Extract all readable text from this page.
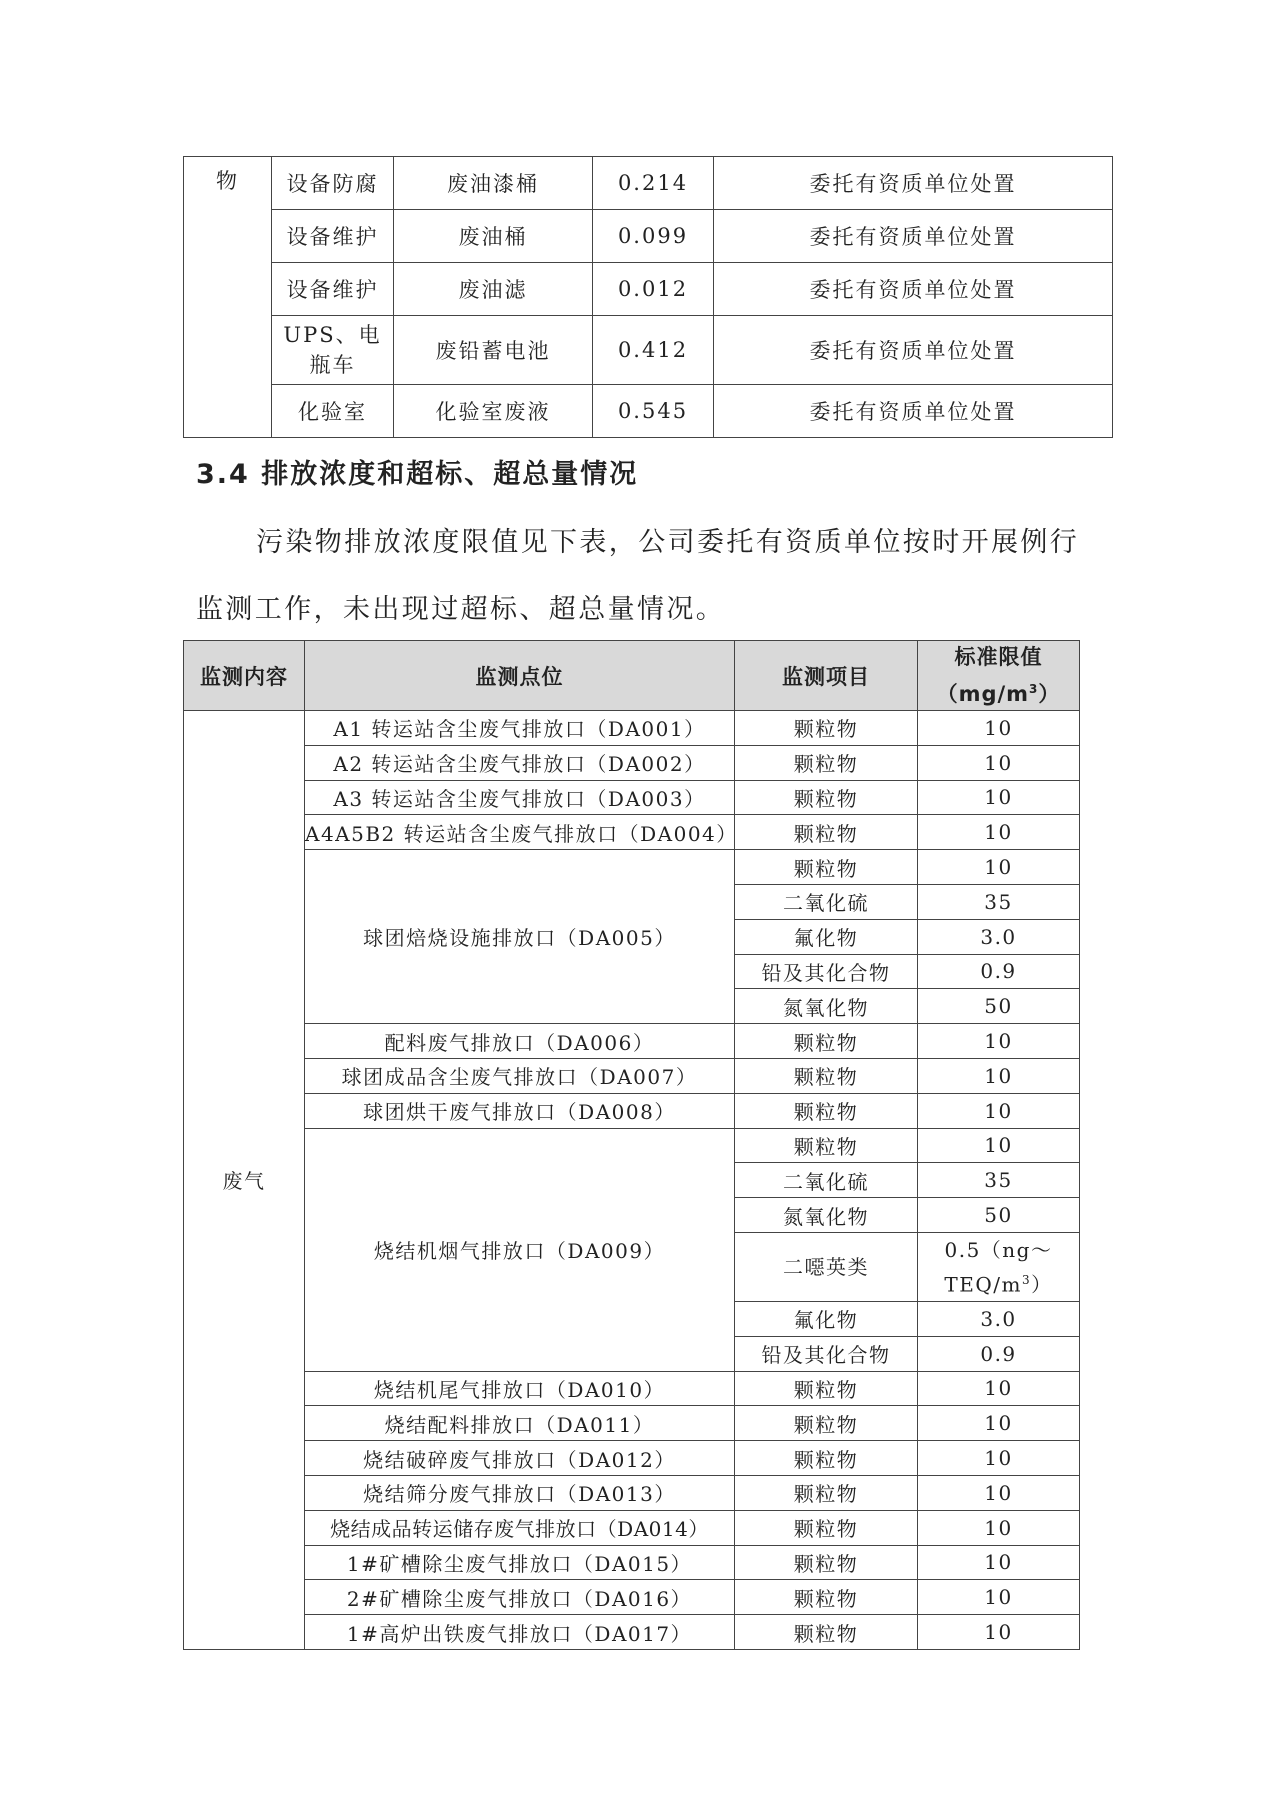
物	设备防腐	废油漆桶	0.214	委托有资质单位处置
	设备维护	废油桶	0.099	委托有资质单位处置
	设备维护	废油滤	0.012	委托有资质单位处置
	UPS、电瓶车	废铅蓄电池	0.412	委托有资质单位处置
	化验室	化验室废液	0.545	委托有资质单位处置
3.4 排放浓度和超标、超总量情况
污染物排放浓度限值见下表，公司委托有资质单位按时开展例行
监测工作，未出现过超标、超总量情况。
监测内容	监测点位	监测项目	标准限值
$(mg/m^3)$
废气	A1 转运站含尘废气排放口（DA001）	颗粒物	10
	A2 转运站含尘废气排放口（DA002）	颗粒物	10
	A3 转运站含尘废气排放口（DA003）	颗粒物	10
	A4A5B2 转运站含尘废气排放口（DA004）	颗粒物	10
	球团焙烧设施排放口（DA005）	颗粒物	10
		二氧化硫	35
		氟化物	3.0
		铅及其化合物	0.9
		氮氧化物	50
	配料废气排放口（DA006）	颗粒物	10
	球团成品含尘废气排放口（DA007）	颗粒物	10
	球团烘干废气排放口（DA008）	颗粒物	10
	烧结机烟气排放口（DA009）	颗粒物	10
		二氧化硫	35
		氮氧化物	50
		二噁英类	0.5（ng～
TEQ/$m^3$）
		氟化物	3.0
		铅及其化合物	0.9
	烧结机尾气排放口（DA010）	颗粒物	10
	烧结配料排放口（DA011）	颗粒物	10
	烧结破碎废气排放口（DA012）	颗粒物	10
	烧结筛分废气排放口（DA013）	颗粒物	10
	烧结成品转运储存废气排放口（DA014）	颗粒物	10
	1#矿槽除尘废气排放口（DA015）	颗粒物	10
	2#矿槽除尘废气排放口（DA016）	颗粒物	10
	1#高炉出铁废气排放口（DA017）	颗粒物	10
